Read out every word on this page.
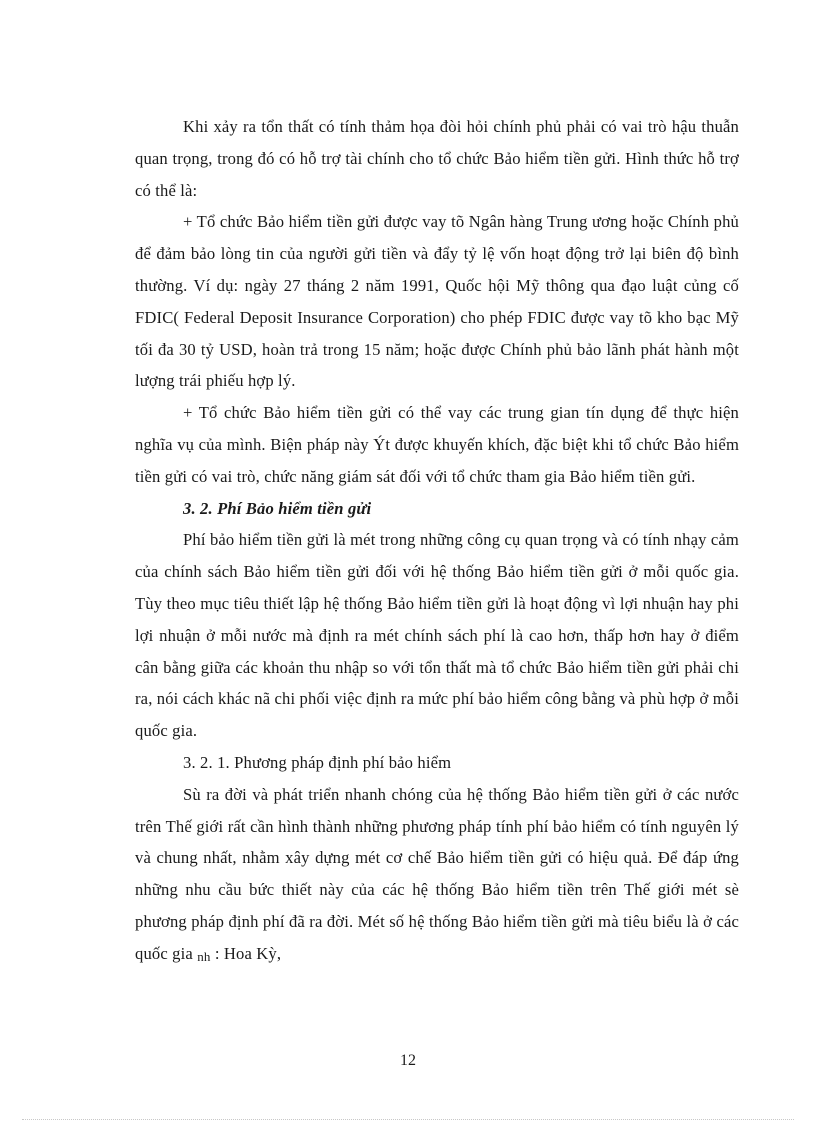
Khi xảy ra tổn thất có tính thảm họa đòi hỏi chính phủ phải có vai trò hậu thuẫn quan trọng, trong đó có hỗ trợ tài chính cho tổ chức Bảo hiểm tiền gửi. Hình thức hỗ trợ có thể là:

+ Tổ chức Bảo hiểm tiền gửi được vay tõ Ngân hàng Trung ương hoặc Chính phủ để đảm bảo lòng tin của người gửi tiền và đẩy tỷ lệ vốn hoạt động trở lại biên độ bình thường. Ví dụ: ngày 27 tháng 2 năm 1991, Quốc hội Mỹ thông qua đạo luật củng cố FDIC( Federal Deposit Insurance Corporation) cho phép FDIC được vay tõ kho bạc Mỹ tối đa 30 tỷ USD, hoàn trả trong 15 năm; hoặc được Chính phủ bảo lãnh phát hành một lượng trái phiếu hợp lý.

+ Tổ chức Bảo hiểm tiền gửi có thể vay các trung gian tín dụng để thực hiện nghĩa vụ của mình. Biện pháp này Ýt được khuyến khích, đặc biệt khi tổ chức Bảo hiểm tiền gửi có vai trò, chức năng giám sát đối với tổ chức tham gia Bảo hiểm tiền gửi.

3. 2. Phí Bảo hiểm tiền gửi

Phí bảo hiểm tiền gửi là mét trong những công cụ quan trọng và có tính nhạy cảm của chính sách Bảo hiểm tiền gửi đối với hệ thống Bảo hiểm tiền gửi ở mỗi quốc gia. Tùy theo mục tiêu thiết lập hệ thống Bảo hiểm tiền gửi là hoạt động vì lợi nhuận hay phi lợi nhuận ở mỗi nước mà định ra mét chính sách phí là cao hơn, thấp hơn hay ở điểm cân bằng giữa các khoản thu nhập so với tổn thất mà tổ chức Bảo hiểm tiền gửi phải chi ra, nói cách khác nã chi phối việc định ra mức phí bảo hiểm công bằng và phù hợp ở mỗi quốc gia.

3. 2. 1. Phương pháp định phí bảo hiểm

Sù ra đời và phát triển nhanh chóng của hệ thống Bảo hiểm tiền gửi ở các nước trên Thế giới rất cần hình thành những phương pháp tính phí bảo hiểm có tính nguyên lý và chung nhất, nhằm xây dựng mét cơ chế Bảo hiểm tiền gửi có hiệu quả. Để đáp ứng những nhu cầu bức thiết này của các hệ thống Bảo hiểm tiền trên Thế giới mét sè phương pháp định phí đã ra đời. Mét số hệ thống Bảo hiểm tiền gửi mà tiêu biểu là ở các quốc gia nh : Hoa Kỳ,

12
